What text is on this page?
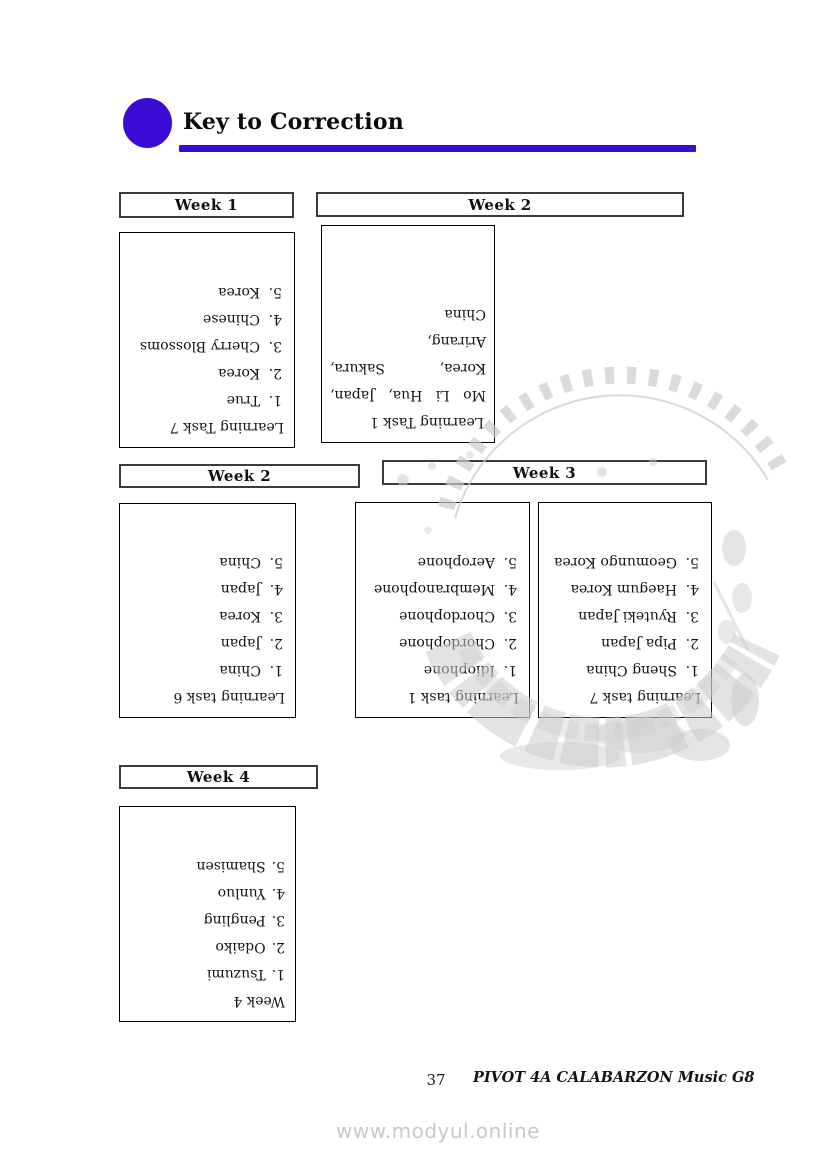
Key to Correction
Week 1
Learning Task 7
1.
True
2.
Korea
3.
Cherry Blossoms
4.
Chinese
5.
Korea
Week 2
Learning Task 1
Mo Li Hua, Japan,
Korea, Sakura, Arirang,
China
Week 2
Learning task 6
1.
China
2.
Japan
3.
Korea
4.
Japan
5.
China
Week 3
Learning task 1
1.
Idiophone
2.
Chordophone
3.
Chordophone
4.
Membranophone
5.
Aerophone
Learning task 7
1.
Sheng China
2.
Pipa Japan
3.
Ryuteki Japan
4.
Haegum Korea
5.
Geomungo Korea
Week 4
Week 4
1.
Tsuzumi
2.
Odaiko
3.
Pengling
4.
Yunluo
5.
Shamisen
37	PIVOT 4A CALABARZON Music G8
www.modyul.online
